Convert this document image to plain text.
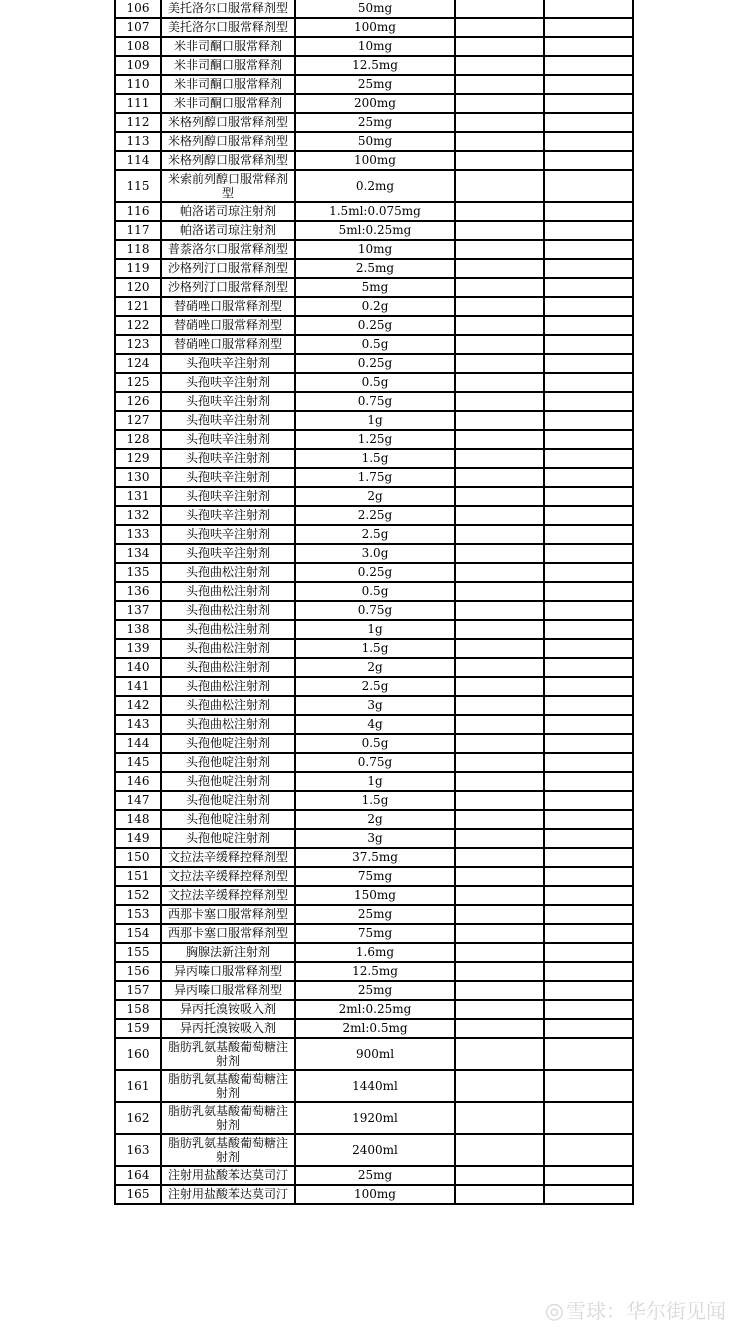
106	美托洛尔口服常释剂型	50mg		
107	美托洛尔口服常释剂型	100mg		
108	米非司酮口服常释剂	10mg		
109	米非司酮口服常释剂	12.5mg		
110	米非司酮口服常释剂	25mg		
111	米非司酮口服常释剂	200mg		
112	米格列醇口服常释剂型	25mg		
113	米格列醇口服常释剂型	50mg		
114	米格列醇口服常释剂型	100mg		
115	米索前列醇口服常释剂型	0.2mg		
116	帕洛诺司琼注射剂	1.5ml:0.075mg		
117	帕洛诺司琼注射剂	5ml:0.25mg		
118	普萘洛尔口服常释剂型	10mg		
119	沙格列汀口服常释剂型	2.5mg		
120	沙格列汀口服常释剂型	5mg		
121	替硝唑口服常释剂型	0.2g		
122	替硝唑口服常释剂型	0.25g		
123	替硝唑口服常释剂型	0.5g		
124	头孢呋辛注射剂	0.25g		
125	头孢呋辛注射剂	0.5g		
126	头孢呋辛注射剂	0.75g		
127	头孢呋辛注射剂	1g		
128	头孢呋辛注射剂	1.25g		
129	头孢呋辛注射剂	1.5g		
130	头孢呋辛注射剂	1.75g		
131	头孢呋辛注射剂	2g		
132	头孢呋辛注射剂	2.25g		
133	头孢呋辛注射剂	2.5g		
134	头孢呋辛注射剂	3.0g		
135	头孢曲松注射剂	0.25g		
136	头孢曲松注射剂	0.5g		
137	头孢曲松注射剂	0.75g		
138	头孢曲松注射剂	1g		
139	头孢曲松注射剂	1.5g		
140	头孢曲松注射剂	2g		
141	头孢曲松注射剂	2.5g		
142	头孢曲松注射剂	3g		
143	头孢曲松注射剂	4g		
144	头孢他啶注射剂	0.5g		
145	头孢他啶注射剂	0.75g		
146	头孢他啶注射剂	1g		
147	头孢他啶注射剂	1.5g		
148	头孢他啶注射剂	2g		
149	头孢他啶注射剂	3g		
150	文拉法辛缓释控释剂型	37.5mg		
151	文拉法辛缓释控释剂型	75mg		
152	文拉法辛缓释控释剂型	150mg		
153	西那卡塞口服常释剂型	25mg		
154	西那卡塞口服常释剂型	75mg		
155	胸腺法新注射剂	1.6mg		
156	异丙嗪口服常释剂型	12.5mg		
157	异丙嗪口服常释剂型	25mg		
158	异丙托溴铵吸入剂	2ml:0.25mg		
159	异丙托溴铵吸入剂	2ml:0.5mg		
160	脂肪乳氨基酸葡萄糖注射剂	900ml		
161	脂肪乳氨基酸葡萄糖注射剂	1440ml		
162	脂肪乳氨基酸葡萄糖注射剂	1920ml		
163	脂肪乳氨基酸葡萄糖注射剂	2400ml		
164	注射用盐酸苯达莫司汀	25mg		
165	注射用盐酸苯达莫司汀	100mg		
◎ 雪球：华尔街见闻
